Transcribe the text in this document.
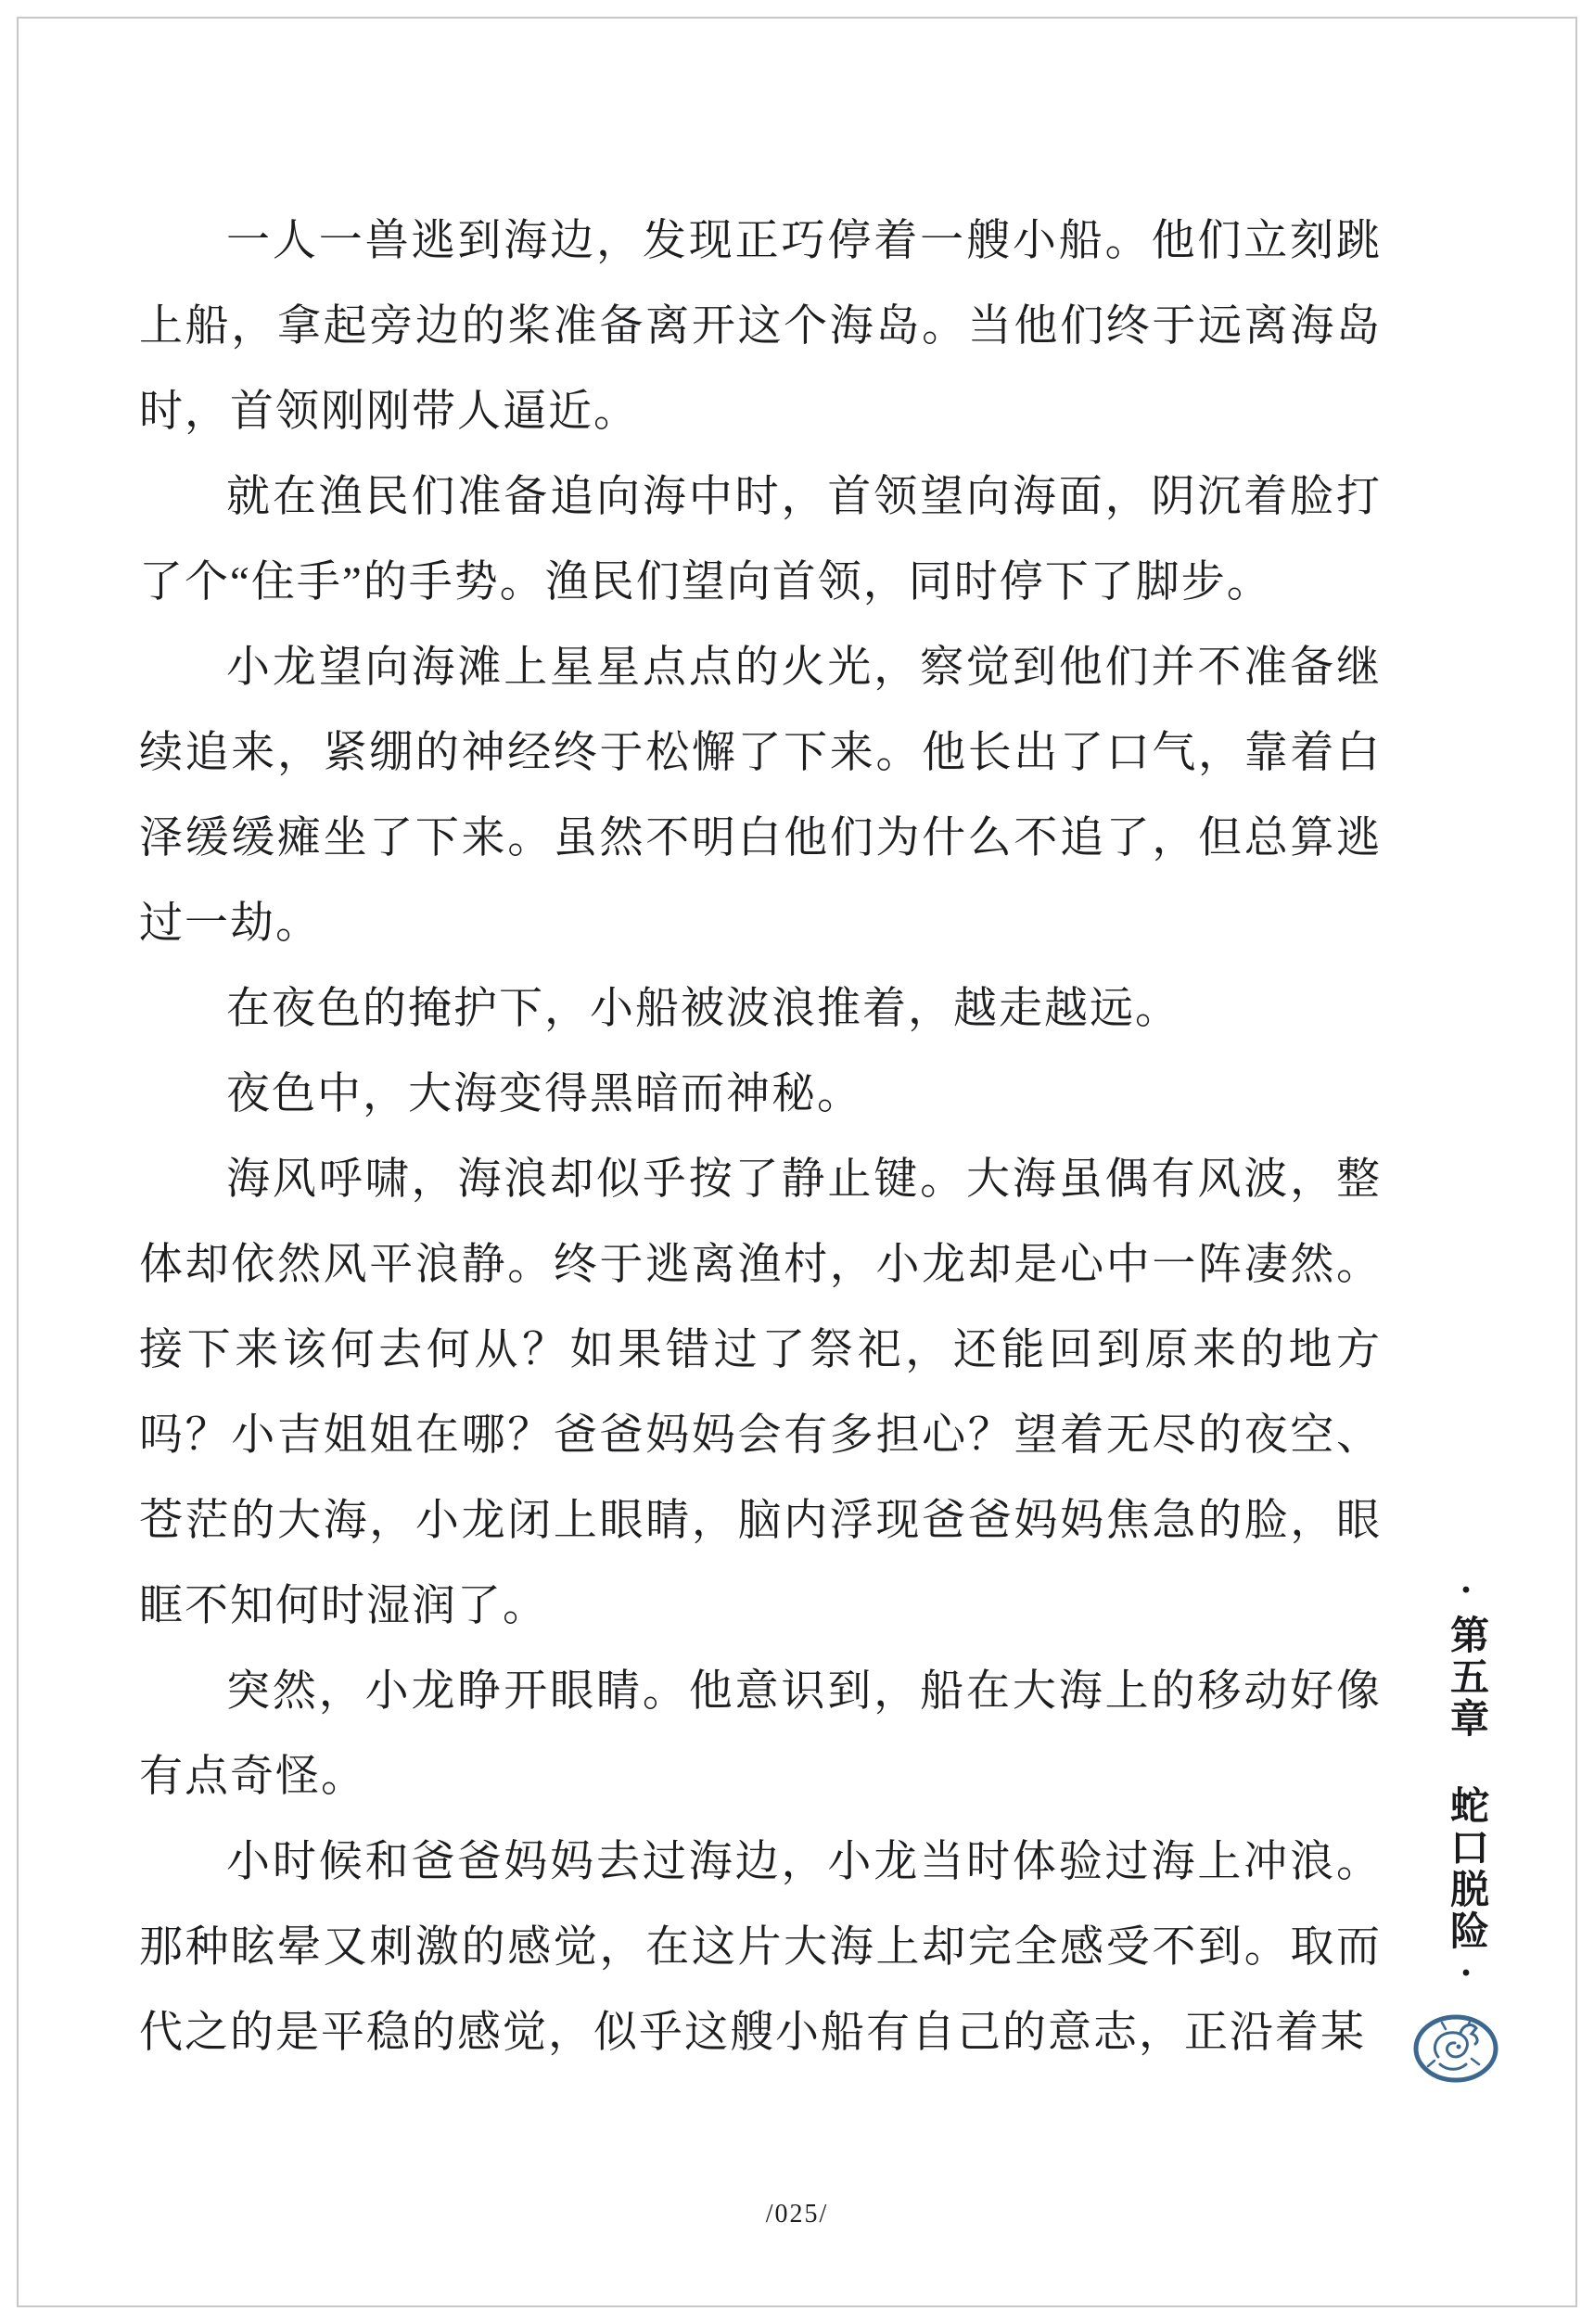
一人一兽逃到海边，发现正巧停着一艘小船。他们立刻跳上船，拿起旁边的桨准备离开这个海岛。当他们终于远离海岛时，首领刚刚带人逼近。

就在渔民们准备追向海中时，首领望向海面，阴沉着脸打了个“住手”的手势。渔民们望向首领，同时停下了脚步。

小龙望向海滩上星星点点的火光，察觉到他们并不准备继续追来，紧绷的神经终于松懈了下来。他长出了口气，靠着白泽缓缓瘫坐了下来。虽然不明白他们为什么不追了，但总算逃过一劫。

在夜色的掩护下，小船被波浪推着，越走越远。

夜色中，大海变得黑暗而神秘。

海风呼啸，海浪却似乎按了静止键。大海虽偶有风波，整体却依然风平浪静。终于逃离渔村，小龙却是心中一阵凄然。接下来该何去何从？如果错过了祭祀，还能回到原来的地方吗？小吉姐姐在哪？爸爸妈妈会有多担心？望着无尽的夜空、苍茫的大海，小龙闭上眼睛，脑内浮现爸爸妈妈焦急的脸，眼眶不知何时湿润了。

突然，小龙睁开眼睛。他意识到，船在大海上的移动好像有点奇怪。

小时候和爸爸妈妈去过海边，小龙当时体验过海上冲浪。那种眩晕又刺激的感觉，在这片大海上却完全感受不到。取而代之的是平稳的感觉，似乎这艘小船有自己的意志，正沿着某

·第五章 蛇口脱险·
/025/
